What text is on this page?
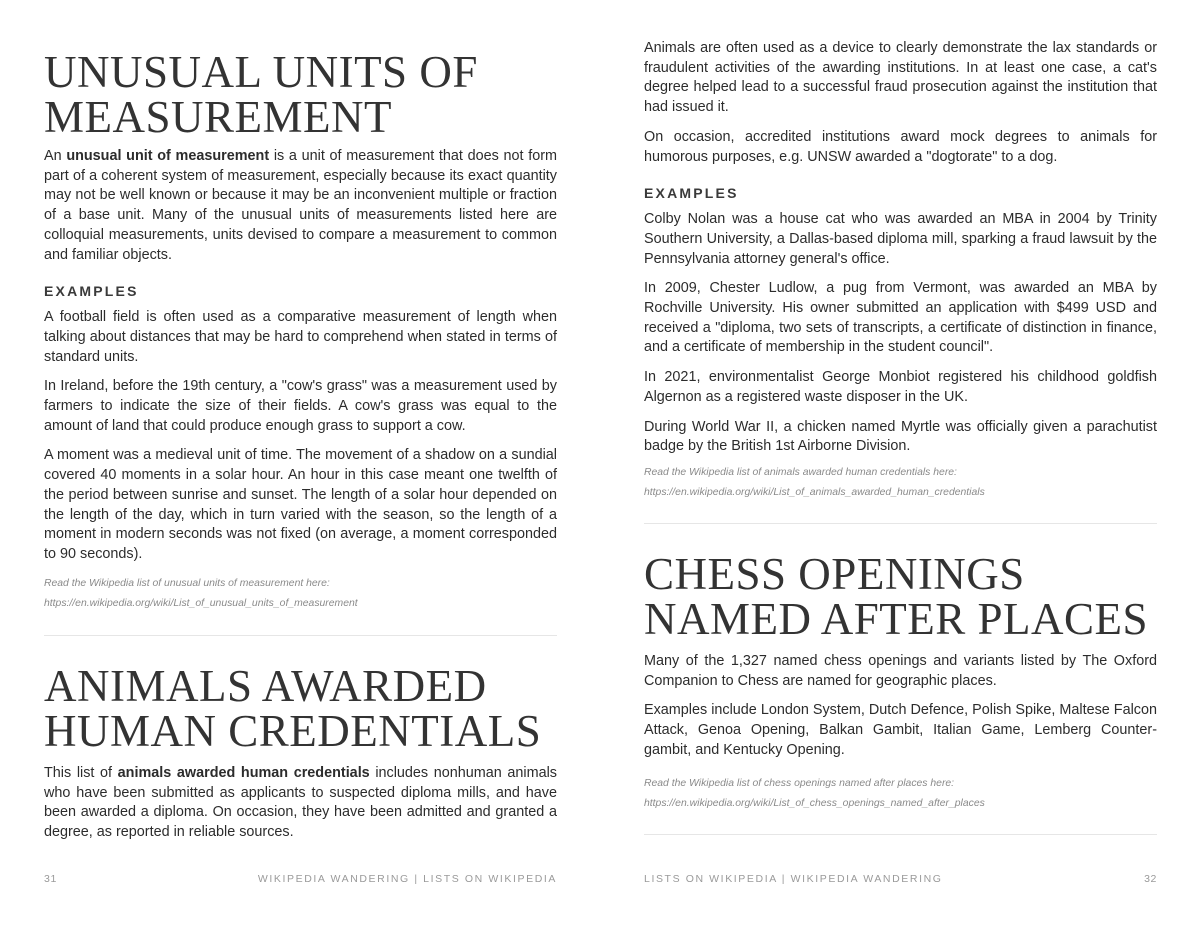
UNUSUAL UNITS OF
MEASUREMENT

An unusual unit of measurement is a unit of measurement that does not form part of a coherent system of measurement, especially because its exact quantity may not be well known or because it may be an inconvenient multiple or fraction of a base unit. Many of the unusual units of measurements listed here are colloquial measurements, units devised to compare a measurement to common and familiar objects.

EXAMPLES

A football field is often used as a comparative measurement of length when talking about distances that may be hard to comprehend when stated in terms of standard units.

In Ireland, before the 19th century, a "cow's grass" was a measurement used by farmers to indicate the size of their fields. A cow's grass was equal to the amount of land that could produce enough grass to support a cow.

A moment was a medieval unit of time. The movement of a shadow on a sundial covered 40 moments in a solar hour. An hour in this case meant one twelfth of the period between sunrise and sunset. The length of a solar hour depended on the length of the day, which in turn varied with the season, so the length of a moment in modern seconds was not fixed (on average, a moment corresponded to 90 seconds).

Read the Wikipedia list of unusual units of measurement here:
https://en.wikipedia.org/wiki/List_of_unusual_units_of_measurement
ANIMALS AWARDED
HUMAN CREDENTIALS

This list of animals awarded human credentials includes nonhuman animals who have been submitted as applicants to suspected diploma mills, and have been awarded a diploma. On occasion, they have been admitted and granted a degree, as reported in reliable sources.

31	WIKIPEDIA WANDERING | LISTS ON WIKIPEDIA

Animals are often used as a device to clearly demonstrate the lax standards or fraudulent activities of the awarding institutions. In at least one case, a cat's degree helped lead to a successful fraud prosecution against the institution that had issued it.

On occasion, accredited institutions award mock degrees to animals for humorous purposes, e.g. UNSW awarded a "dogtorate" to a dog.

EXAMPLES

Colby Nolan was a house cat who was awarded an MBA in 2004 by Trinity Southern University, a Dallas-based diploma mill, sparking a fraud lawsuit by the Pennsylvania attorney general's office.

In 2009, Chester Ludlow, a pug from Vermont, was awarded an MBA by Rochville University. His owner submitted an application with $499 USD and received a "diploma, two sets of transcripts, a certificate of distinction in finance, and a certificate of membership in the student council".

In 2021, environmentalist George Monbiot registered his childhood goldfish Algernon as a registered waste disposer in the UK.

During World War II, a chicken named Myrtle was officially given a parachutist badge by the British 1st Airborne Division.

Read the Wikipedia list of animals awarded human credentials here:
https://en.wikipedia.org/wiki/List_of_animals_awarded_human_credentials
CHESS OPENINGS
NAMED AFTER PLACES

Many of the 1,327 named chess openings and variants listed by The Oxford Companion to Chess are named for geographic places.

Examples include London System, Dutch Defence, Polish Spike, Maltese Falcon Attack, Genoa Opening, Balkan Gambit, Italian Game, Lemberg Counter-gambit, and Kentucky Opening.

Read the Wikipedia list of chess openings named after places here:
https://en.wikipedia.org/wiki/List_of_chess_openings_named_after_places
LISTS ON WIKIPEDIA | WIKIPEDIA WANDERING	32
